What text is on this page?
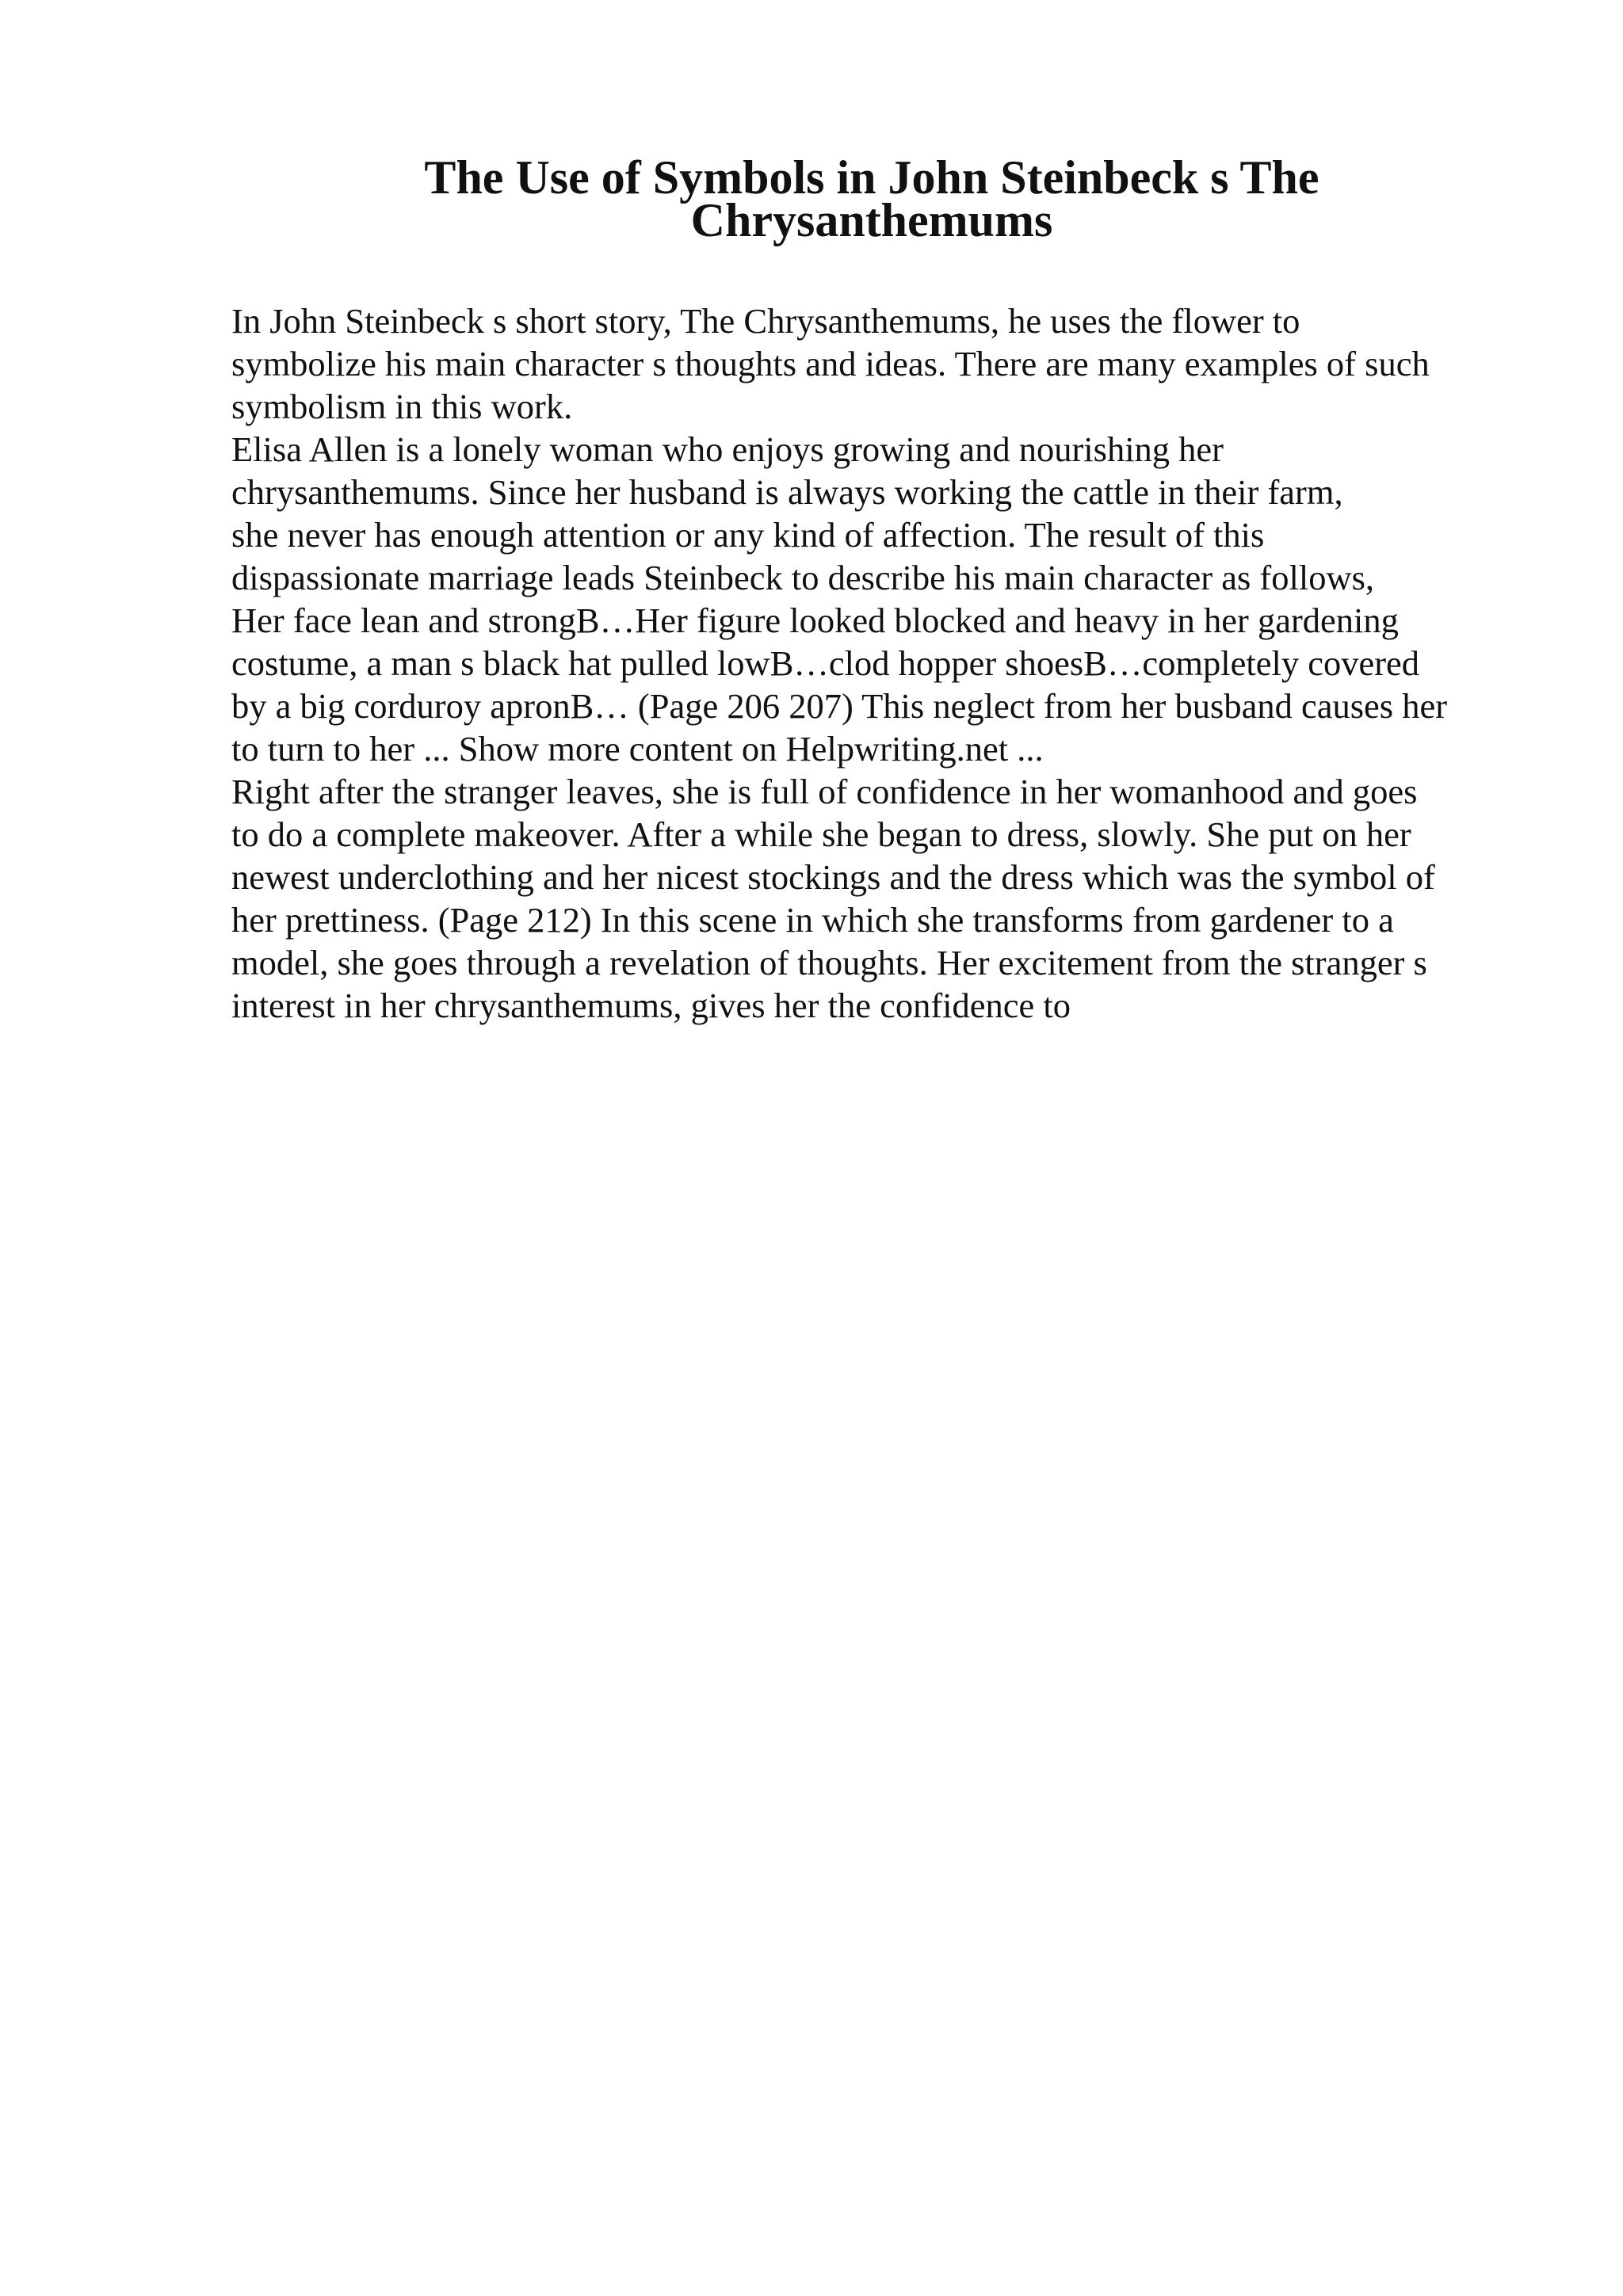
The Use of Symbols in John Steinbeck s The
Chrysanthemums
In John Steinbeck s short story, The Chrysanthemums, he uses the flower to
symbolize his main character s thoughts and ideas. There are many examples of such
symbolism in this work.
Elisa Allen is a lonely woman who enjoys growing and nourishing her
chrysanthemums. Since her husband is always working the cattle in their farm,
she never has enough attention or any kind of affection. The result of this
dispassionate marriage leads Steinbeck to describe his main character as follows,
Her face lean and strongB…Her figure looked blocked and heavy in her gardening
costume, a man s black hat pulled lowB…clod hopper shoesB…completely covered
by a big corduroy apronB… (Page 206 207) This neglect from her busband causes her
to turn to her ... Show more content on Helpwriting.net ...
Right after the stranger leaves, she is full of confidence in her womanhood and goes
to do a complete makeover. After a while she began to dress, slowly. She put on her
newest underclothing and her nicest stockings and the dress which was the symbol of
her prettiness. (Page 212) In this scene in which she transforms from gardener to a
model, she goes through a revelation of thoughts. Her excitement from the stranger s
interest in her chrysanthemums, gives her the confidence to
